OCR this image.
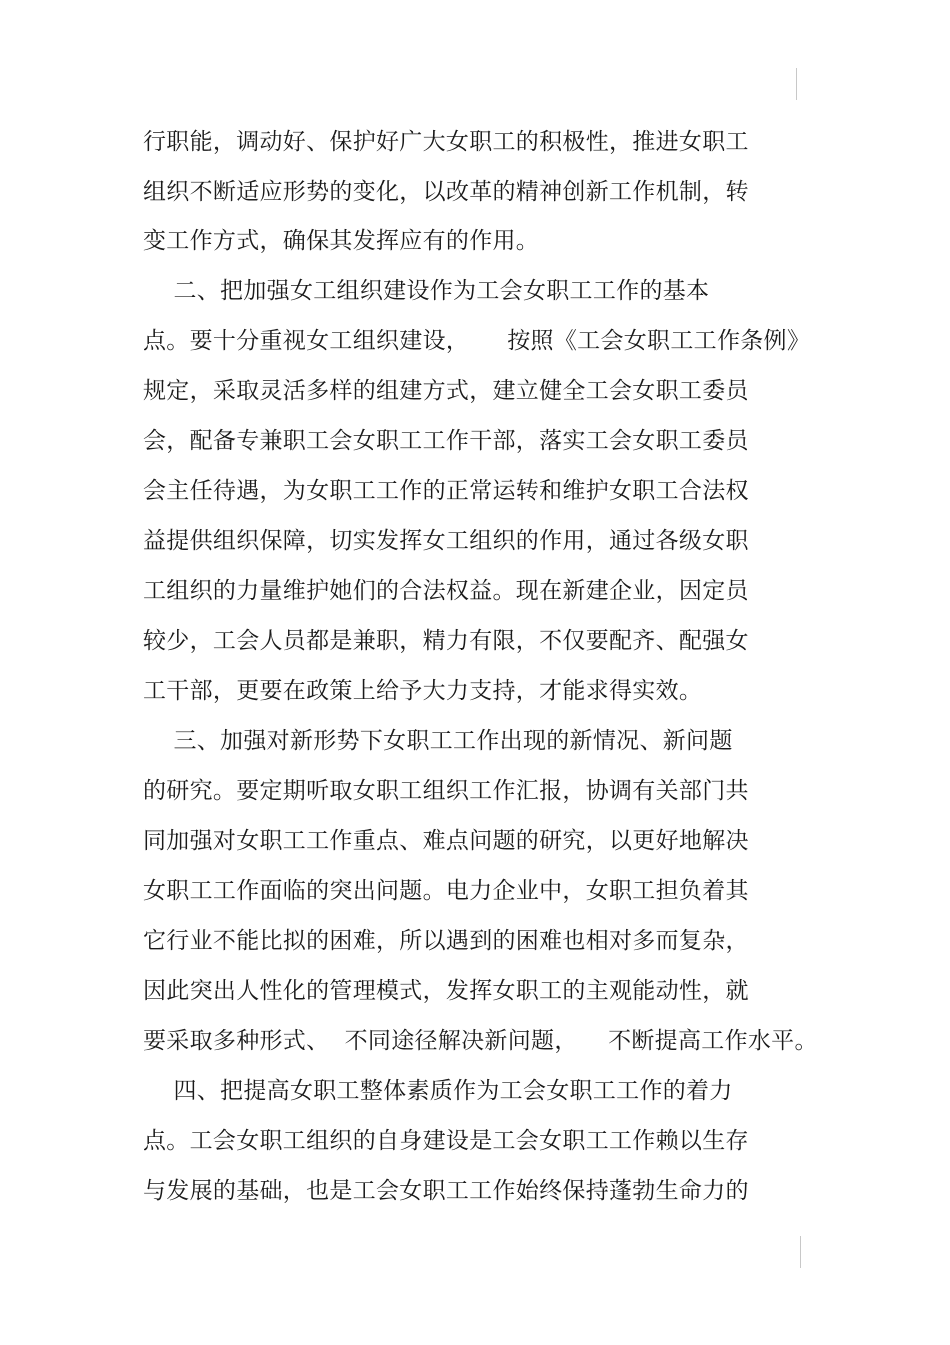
行职能，调动好、保护好广大女职工的积极性，推进女职工
组织不断适应形势的变化，以改革的精神创新工作机制，转
变工作方式，确保其发挥应有的作用。
二、把加强女工组织建设作为工会女职工工作的基本
点。要十分重视女工组织建设，     按照《工会女职工工作条例》
规定，采取灵活多样的组建方式，建立健全工会女职工委员
会，配备专兼职工会女职工工作干部，落实工会女职工委员
会主任待遇，为女职工工作的正常运转和维护女职工合法权
益提供组织保障，切实发挥女工组织的作用，通过各级女职
工组织的力量维护她们的合法权益。现在新建企业，因定员
较少，工会人员都是兼职，精力有限，不仅要配齐、配强女
工干部，更要在政策上给予大力支持，才能求得实效。
三、加强对新形势下女职工工作出现的新情况、新问题
的研究。要定期听取女职工组织工作汇报，协调有关部门共
同加强对女职工工作重点、难点问题的研究，以更好地解决
女职工工作面临的突出问题。电力企业中，女职工担负着其
它行业不能比拟的困难，所以遇到的困难也相对多而复杂，
因此突出人性化的管理模式，发挥女职工的主观能动性，就
要采取多种形式、  不同途径解决新问题，    不断提高工作水平。
四、把提高女职工整体素质作为工会女职工工作的着力
点。工会女职工组织的自身建设是工会女职工工作赖以生存
与发展的基础，也是工会女职工工作始终保持蓬勃生命力的
